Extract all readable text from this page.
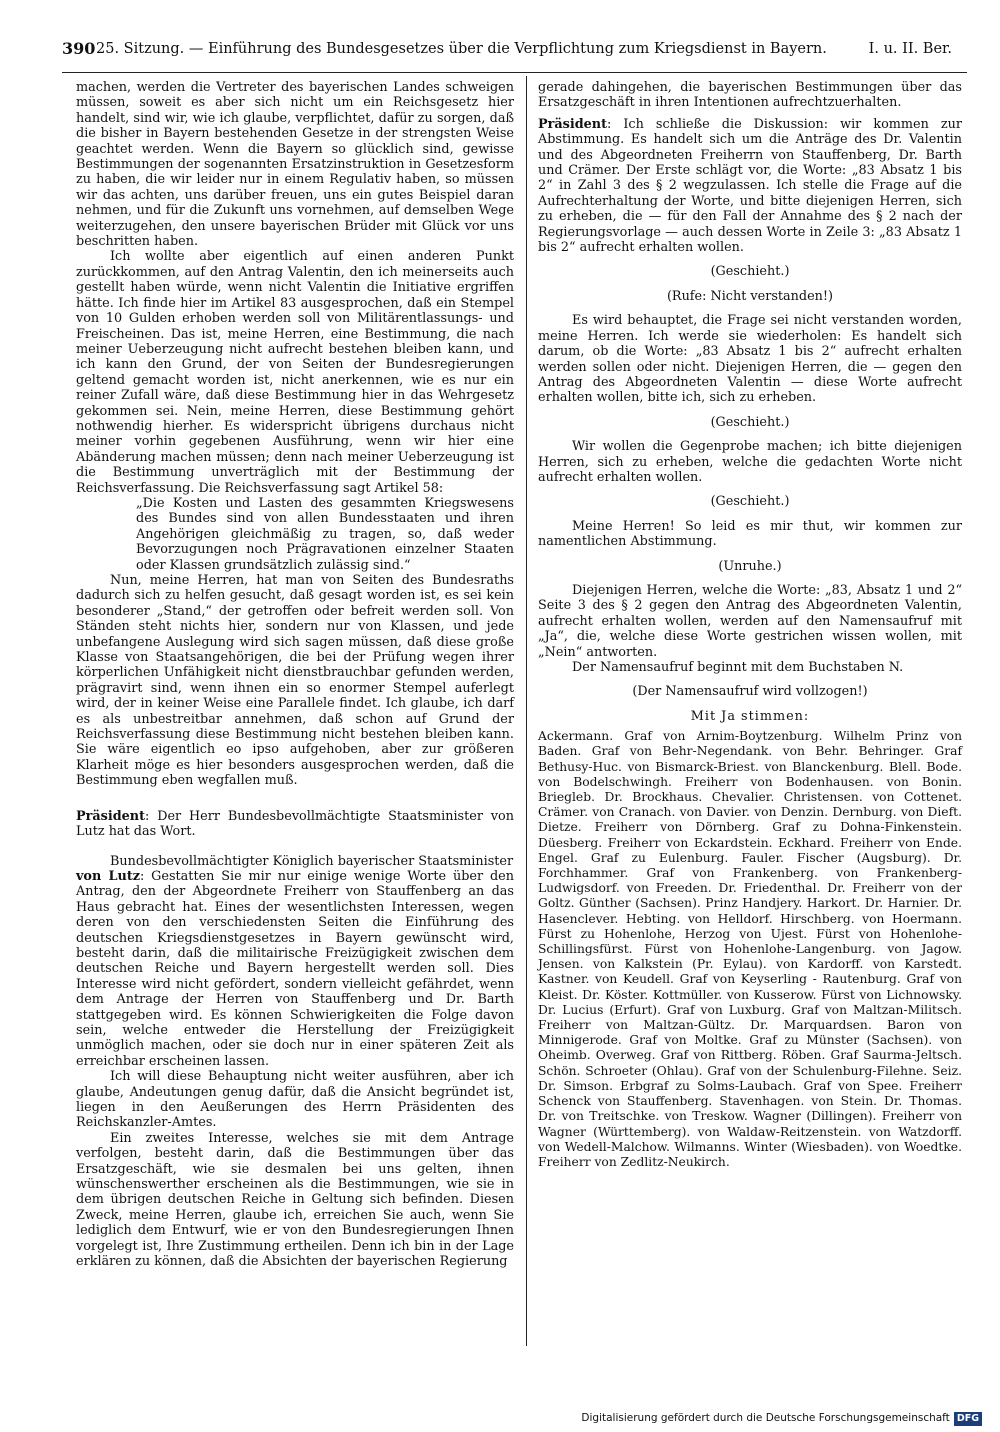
390 25. Sitzung. — Einführung des Bundesgesetzes über die Verpflichtung zum Kriegsdienst in Bayern.	I. u. II. Ber.

machen, werden die Vertreter des bayerischen Landes schweigen müssen, soweit es aber sich nicht um ein Reichsgesetz hier handelt, sind wir, wie ich glaube, verpflichtet, dafür zu sorgen, daß die bisher in Bayern bestehenden Gesetze in der strengsten Weise geachtet werden. Wenn die Bayern so glücklich sind, gewisse Bestimmungen der sogenannten Ersatzinstruktion in Gesetzesform zu haben, die wir leider nur in einem Regulativ haben, so müssen wir das achten, uns darüber freuen, uns ein gutes Beispiel daran nehmen, und für die Zukunft uns vornehmen, auf demselben Wege weiterzugehen, den unsere bayerischen Brüder mit Glück vor uns beschritten haben.

Ich wollte aber eigentlich auf einen anderen Punkt zurückkommen, auf den Antrag Valentin, den ich meinerseits auch gestellt haben würde, wenn nicht Valentin die Initiative ergriffen hätte. Ich finde hier im Artikel 83 ausgesprochen, daß ein Stempel von 10 Gulden erhoben werden soll von Militärentlassungs- und Freischeinen. Das ist, meine Herren, eine Bestimmung, die nach meiner Ueberzeugung nicht aufrecht bestehen bleiben kann, und ich kann den Grund, der von Seiten der Bundesregierungen geltend gemacht worden ist, nicht anerkennen, wie es nur ein reiner Zufall wäre, daß diese Bestimmung hier in das Wehrgesetz gekommen sei. Nein, meine Herren, diese Bestimmung gehört nothwendig hierher. Es widerspricht übrigens durchaus nicht meiner vorhin gegebenen Ausführung, wenn wir hier eine Abänderung machen müssen; denn nach meiner Ueberzeugung ist die Bestimmung unverträglich mit der Bestimmung der Reichsverfassung. Die Reichsverfassung sagt Artikel 58:

„Die Kosten und Lasten des gesammten Kriegswesens des Bundes sind von allen Bundesstaaten und ihren Angehörigen gleichmäßig zu tragen, so, daß weder Bevorzugungen noch Prägravationen einzelner Staaten oder Klassen grundsätzlich zulässig sind.“

Nun, meine Herren, hat man von Seiten des Bundesraths dadurch sich zu helfen gesucht, daß gesagt worden ist, es sei kein besonderer „Stand,“ der getroffen oder befreit werden soll. Von Ständen steht nichts hier, sondern nur von Klassen, und jede unbefangene Auslegung wird sich sagen müssen, daß diese große Klasse von Staatsangehörigen, die bei der Prüfung wegen ihrer körperlichen Unfähigkeit nicht dienstbrauchbar gefunden werden, prägravirt sind, wenn ihnen ein so enormer Stempel auferlegt wird, der in keiner Weise eine Parallele findet. Ich glaube, ich darf es als unbestreitbar annehmen, daß schon auf Grund der Reichsverfassung diese Bestimmung nicht bestehen bleiben kann. Sie wäre eigentlich eo ipso aufgehoben, aber zur größeren Klarheit möge es hier besonders ausgesprochen werden, daß die Bestimmung eben wegfallen muß.

Präsident: Der Herr Bundesbevollmächtigte Staatsminister von Lutz hat das Wort.

Bundesbevollmächtigter Königlich bayerischer Staatsminister

von Lutz: Gestatten Sie mir nur einige wenige Worte über den Antrag, den der Abgeordnete Freiherr von Stauffenberg an das Haus gebracht hat. Eines der wesentlichsten Interessen, wegen deren von den verschiedensten Seiten die Einführung des deutschen Kriegsdienstgesetzes in Bayern gewünscht wird, besteht darin, daß die militairische Freizügigkeit zwischen dem deutschen Reiche und Bayern hergestellt werden soll. Dies Interesse wird nicht gefördert, sondern vielleicht gefährdet, wenn dem Antrage der Herren von Stauffenberg und Dr. Barth stattgegeben wird. Es können Schwierigkeiten die Folge davon sein, welche entweder die Herstellung der Freizügigkeit unmöglich machen, oder sie doch nur in einer späteren Zeit als erreichbar erscheinen lassen.

Ich will diese Behauptung nicht weiter ausführen, aber ich glaube, Andeutungen genug dafür, daß die Ansicht begründet ist, liegen in den Aeußerungen des Herrn Präsidenten des Reichskanzler-Amtes.

Ein zweites Interesse, welches sie mit dem Antrage verfolgen, besteht darin, daß die Bestimmungen über das Ersatzgeschäft, wie sie desmalen bei uns gelten, ihnen wünschenswerther erscheinen als die Bestimmungen, wie sie in dem übrigen deutschen Reiche in Geltung sich befinden. Diesen Zweck, meine Herren, glaube ich, erreichen Sie auch, wenn Sie lediglich dem Entwurf, wie er von den Bundesregierungen Ihnen vorgelegt ist, Ihre Zustimmung ertheilen. Denn ich bin in der Lage erklären zu können, daß die Absichten der bayerischen Regierung

gerade dahingehen, die bayerischen Bestimmungen über das Ersatzgeschäft in ihren Intentionen aufrechtzuerhalten.

Präsident: Ich schließe die Diskussion: wir kommen zur Abstimmung. Es handelt sich um die Anträge des Dr. Valentin und des Abgeordneten Freiherrn von Stauffenberg, Dr. Barth und Crämer. Der Erste schlägt vor, die Worte: „83 Absatz 1 bis 2“ in Zahl 3 des § 2 wegzulassen. Ich stelle die Frage auf die Aufrechterhaltung der Worte, und bitte diejenigen Herren, sich zu erheben, die — für den Fall der Annahme des § 2 nach der Regierungsvorlage — auch dessen Worte in Zeile 3: „83 Absatz 1 bis 2“ aufrecht erhalten wollen.

(Geschieht.)

(Rufe: Nicht verstanden!)

Es wird behauptet, die Frage sei nicht verstanden worden, meine Herren. Ich werde sie wiederholen: Es handelt sich darum, ob die Worte: „83 Absatz 1 bis 2“ aufrecht erhalten werden sollen oder nicht. Diejenigen Herren, die — gegen den Antrag des Abgeordneten Valentin — diese Worte aufrecht erhalten wollen, bitte ich, sich zu erheben.

(Geschieht.)

Wir wollen die Gegenprobe machen; ich bitte diejenigen Herren, sich zu erheben, welche die gedachten Worte nicht aufrecht erhalten wollen.

(Geschieht.)

Meine Herren! So leid es mir thut, wir kommen zur namentlichen Abstimmung.

(Unruhe.)

Diejenigen Herren, welche die Worte: „83, Absatz 1 und 2“ Seite 3 des § 2 gegen den Antrag des Abgeordneten Valentin, aufrecht erhalten wollen, werden auf den Namensaufruf mit „Ja“, die, welche diese Worte gestrichen wissen wollen, mit „Nein“ antworten.

Der Namensaufruf beginnt mit dem Buchstaben N.

(Der Namensaufruf wird vollzogen!)

Mit Ja stimmen:

Ackermann. Graf von Arnim-Boytzenburg. Wilhelm Prinz von Baden. Graf von Behr-Negendank. von Behr. Behringer. Graf Bethusy-Huc. von Bismarck-Briest. von Blanckenburg. Blell. Bode. von Bodelschwingh. Freiherr von Bodenhausen. von Bonin. Briegleb. Dr. Brockhaus. Chevalier. Christensen. von Cottenet. Crämer. von Cranach. von Davier. von Denzin. Dernburg. von Dieft. Dietze. Freiherr von Dörnberg. Graf zu Dohna-Finkenstein. Düesberg. Freiherr von Eckardstein. Eckhard. Freiherr von Ende. Engel. Graf zu Eulenburg. Fauler. Fischer (Augsburg). Dr. Forchhammer. Graf von Frankenberg. von Frankenberg-Ludwigsdorf. von Freeden. Dr. Friedenthal. Dr. Freiherr von der Goltz. Günther (Sachsen). Prinz Handjery. Harkort. Dr. Harnier. Dr. Hasenclever. Hebting. von Helldorf. Hirschberg. von Hoermann. Fürst zu Hohenlohe, Herzog von Ujest. Fürst von Hohenlohe-Schillingsfürst. Fürst von Hohenlohe-Langenburg. von Jagow. Jensen. von Kalkstein (Pr. Eylau). von Kardorff. von Karstedt. Kastner. von Keudell. Graf von Keyserling - Rautenburg. Graf von Kleist. Dr. Köster. Kottmüller. von Kusserow. Fürst von Lichnowsky. Dr. Lucius (Erfurt). Graf von Luxburg. Graf von Maltzan-Militsch. Freiherr von Maltzan-Gültz. Dr. Marquardsen. Baron von Minnigerode. Graf von Moltke. Graf zu Münster (Sachsen). von Oheimb. Overweg. Graf von Rittberg. Röben. Graf Saurma-Jeltsch. Schön. Schroeter (Ohlau). Graf von der Schulenburg-Filehne. Seiz. Dr. Simson. Erbgraf zu Solms-Laubach. Graf von Spee. Freiherr Schenck von Stauffenberg. Stavenhagen. von Stein. Dr. Thomas. Dr. von Treitschke. von Treskow. Wagner (Dillingen). Freiherr von Wagner (Württemberg). von Waldaw-Reitzenstein. von Watzdorff. von Wedell-Malchow. Wilmanns. Winter (Wiesbaden). von Woedtke. Freiherr von Zedlitz-Neukirch.

Digitalisierung gefördert durch die Deutsche Forschungsgemeinschaft DFG
